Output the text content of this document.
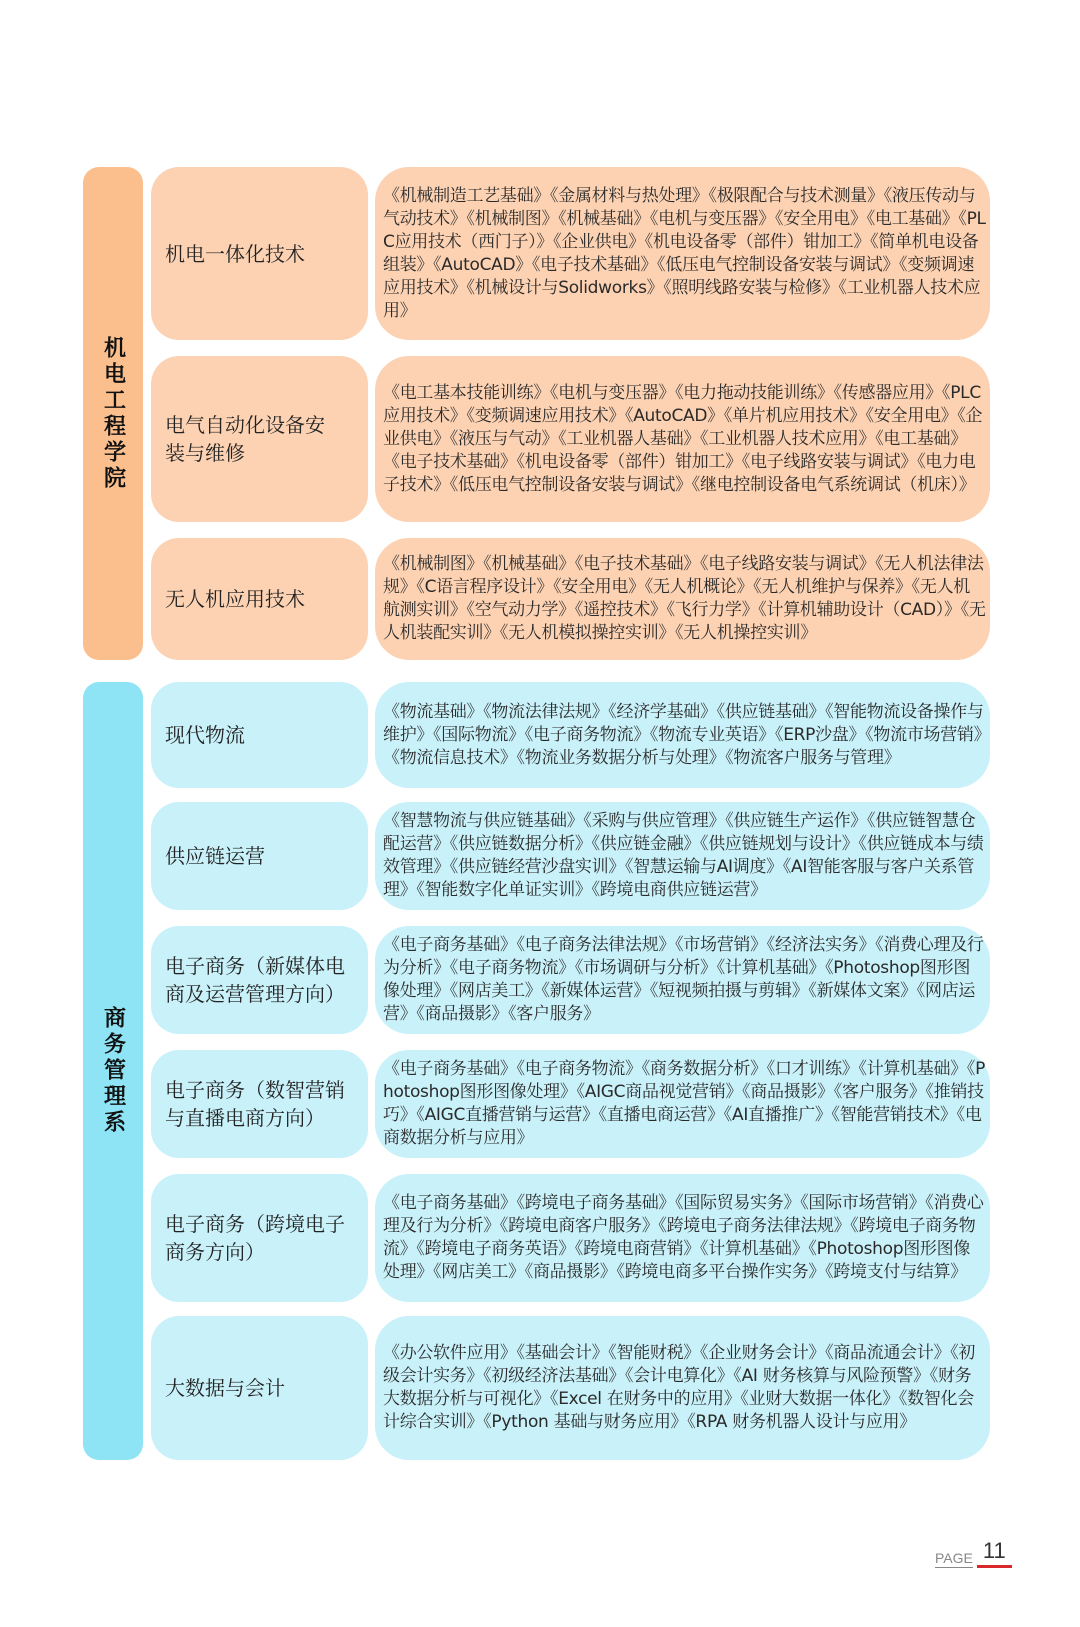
机电工程学院
机电一体化技术
《机械制造工艺基础》《金属材料与热处理》《极限配合与技术测量》《液压传动与气动技术》《机械制图》《机械基础》《电机与变压器》《安全用电》《电工基础》《PLC应用技术（西门子）》《企业供电》《机电设备零（部件）钳加工》《简单机电设备组装》《AutoCAD》《电子技术基础》《低压电气控制设备安装与调试》《变频调速应用技术》《机械设计与Solidworks》《照明线路安装与检修》《工业机器人技术应用》
电气自动化设备安装与维修
《电工基本技能训练》《电机与变压器》《电力拖动技能训练》《传感器应用》《PLC应用技术》《变频调速应用技术》《AutoCAD》《单片机应用技术》《安全用电》《企业供电》《液压与气动》《工业机器人基础》《工业机器人技术应用》《电工基础》《电子技术基础》《机电设备零（部件）钳加工》《电子线路安装与调试》《电力电子技术》《低压电气控制设备安装与调试》《继电控制设备电气系统调试（机床）》
无人机应用技术
《机械制图》《机械基础》《电子技术基础》《电子线路安装与调试》《无人机法律法规》《C语言程序设计》《安全用电》《无人机概论》《无人机维护与保养》《无人机航测实训》《空气动力学》《遥控技术》《飞行力学》《计算机辅助设计（CAD）》《无人机装配实训》《无人机模拟操控实训》《无人机操控实训》
商务管理系
现代物流
《物流基础》《物流法律法规》《经济学基础》《供应链基础》《智能物流设备操作与维护》《国际物流》《电子商务物流》《物流专业英语》《ERP沙盘》《物流市场营销》《物流信息技术》《物流业务数据分析与处理》《物流客户服务与管理》
供应链运营
《智慧物流与供应链基础》《采购与供应管理》《供应链生产运作》《供应链智慧仓配运营》《供应链数据分析》《供应链金融》《供应链规划与设计》《供应链成本与绩效管理》《供应链经营沙盘实训》《智慧运输与AI调度》《AI智能客服与客户关系管理》《智能数字化单证实训》《跨境电商供应链运营》
电子商务（新媒体电商及运营管理方向）
《电子商务基础》《电子商务法律法规》《市场营销》《经济法实务》《消费心理及行为分析》《电子商务物流》《市场调研与分析》《计算机基础》《Photoshop图形图像处理》《网店美工》《新媒体运营》《短视频拍摄与剪辑》《新媒体文案》《网店运营》《商品摄影》《客户服务》
电子商务（数智营销与直播电商方向）
《电子商务基础》《电子商务物流》《商务数据分析》《口才训练》《计算机基础》《Photoshop图形图像处理》《AIGC商品视觉营销》《商品摄影》《客户服务》《推销技巧》《AIGC直播营销与运营》《直播电商运营》《AI直播推广》《智能营销技术》《电商数据分析与应用》
电子商务（跨境电子商务方向）
《电子商务基础》《跨境电子商务基础》《国际贸易实务》《国际市场营销》《消费心理及行为分析》《跨境电商客户服务》《跨境电子商务法律法规》《跨境电子商务物流》《跨境电子商务英语》《跨境电商营销》《计算机基础》《Photoshop图形图像处理》《网店美工》《商品摄影》《跨境电商多平台操作实务》《跨境支付与结算》
大数据与会计
《办公软件应用》《基础会计》《智能财税》《企业财务会计》《商品流通会计》《初级会计实务》《初级经济法基础》《会计电算化》《AI 财务核算与风险预警》《财务大数据分析与可视化》《Excel 在财务中的应用》《业财大数据一体化》《数智化会计综合实训》《Python 基础与财务应用》《RPA 财务机器人设计与应用》
PAGE 11
